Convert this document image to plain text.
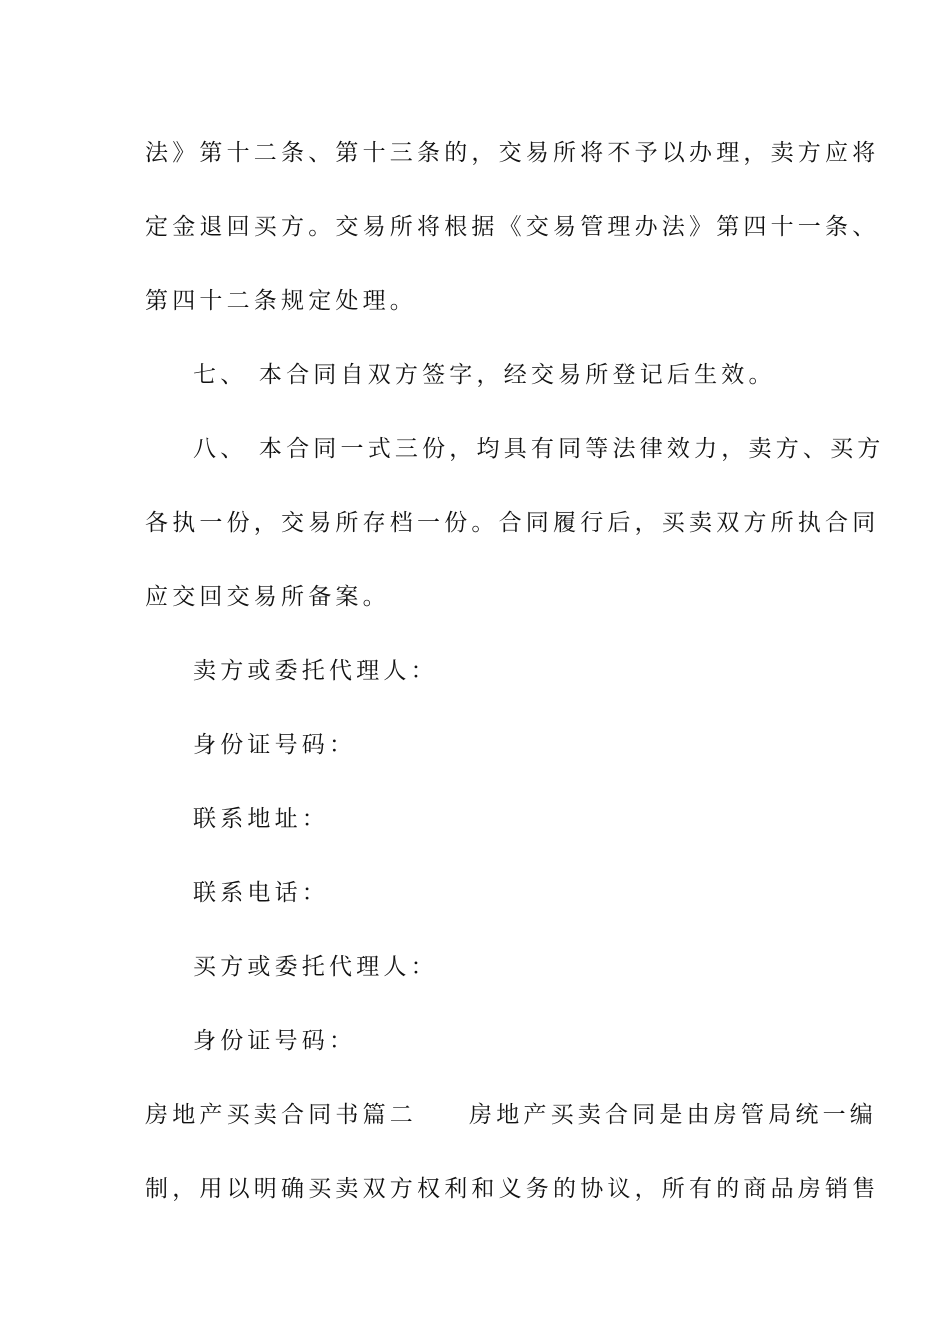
法》第十二条、第十三条的，交易所将不予以办理，卖方应将
定金退回买方。交易所将根据《交易管理办法》第四十一条、
第四十二条规定处理。
七、 本合同自双方签字，经交易所登记后生效。
八、 本合同一式三份，均具有同等法律效力，卖方、买方
各执一份，交易所存档一份。合同履行后，买卖双方所执合同
应交回交易所备案。
卖方或委托代理人：
身份证号码：
联系地址：
联系电话：
买方或委托代理人：
身份证号码：
房地产买卖合同书篇二 房地产买卖合同是由房管局统一编
制，用以明确买卖双方权利和义务的协议，所有的商品房销售
